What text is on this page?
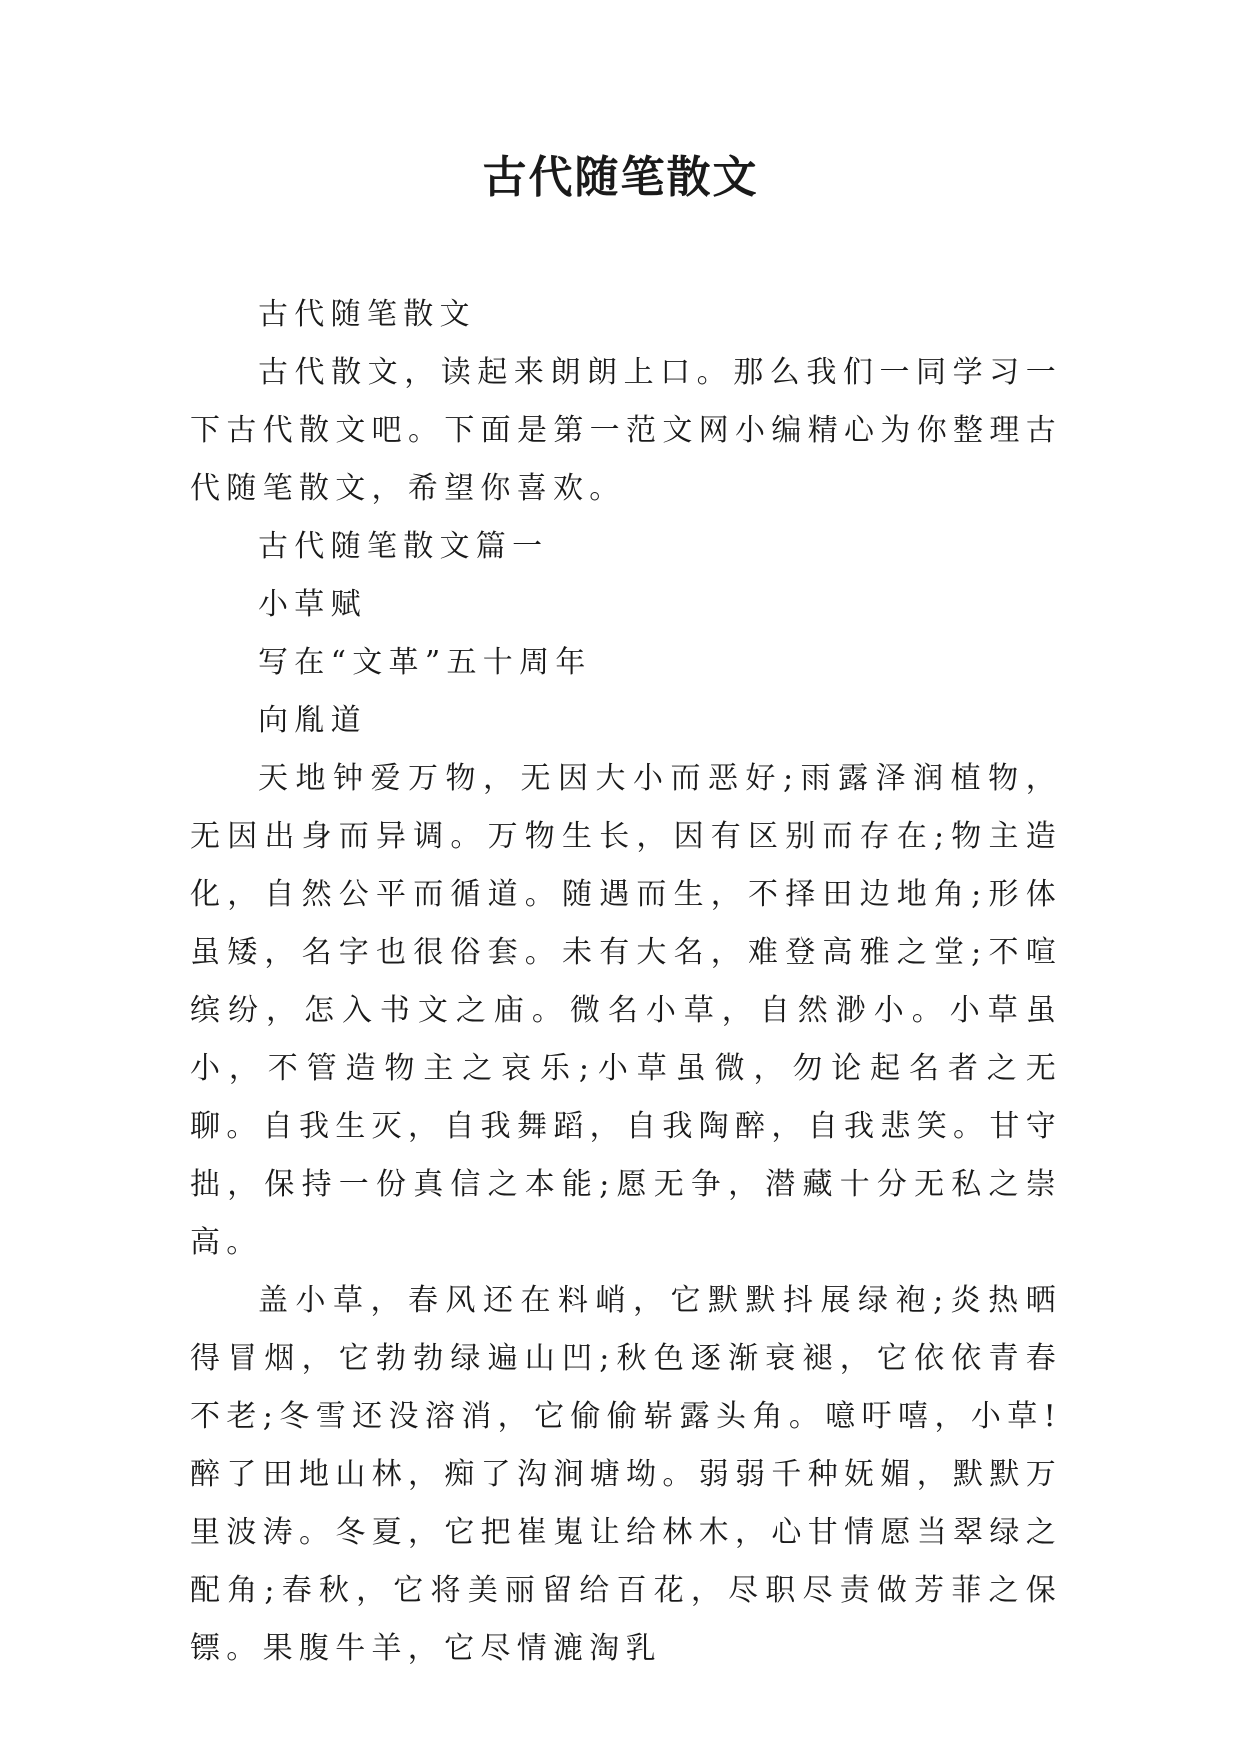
古代随笔散文

古代随笔散文

古代散文，读起来朗朗上口。那么我们一同学习一下古代散文吧。下面是第一范文网小编精心为你整理古代随笔散文，希望你喜欢。

古代随笔散文篇一

小草赋

写在“文革”五十周年

向胤道

天地钟爱万物，无因大小而恶好;雨露泽润植物，无因出身而异调。万物生长，因有区别而存在;物主造化，自然公平而循道。随遇而生，不择田边地角;形体虽矮，名字也很俗套。未有大名，难登高雅之堂;不喧缤纷，怎入书文之庙。微名小草，自然渺小。小草虽小，不管造物主之哀乐;小草虽微，勿论起名者之无聊。自我生灭，自我舞蹈，自我陶醉，自我悲笑。甘守拙，保持一份真信之本能;愿无争，潜藏十分无私之崇高。

盖小草，春风还在料峭，它默默抖展绿袍;炎热晒得冒烟，它勃勃绿遍山凹;秋色逐渐衰褪，它依依青春不老;冬雪还没溶消，它偷偷崭露头角。噫吁嘻，小草!醉了田地山林，痴了沟涧塘坳。弱弱千种妩媚，默默万里波涛。冬夏，它把崔嵬让给林木，心甘情愿当翠绿之配角;春秋，它将美丽留给百花，尽职尽责做芳菲之保镖。果腹牛羊，它尽情漉淘乳
